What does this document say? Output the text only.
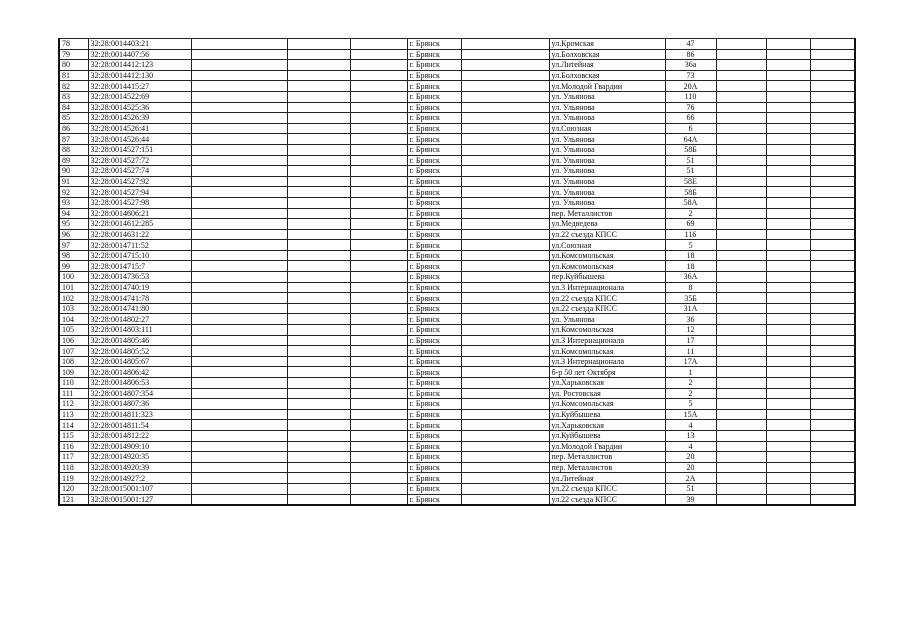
78	32:28:0014403:21				г. Брянск		ул.Кромская	47			
79	32:28:0014407:56				г. Брянск		ул.Болховская	86			
80	32:28:0014412:123				г. Брянск		ул.Литейная	36а			
81	32:28:0014412:130				г. Брянск		ул.Болховская	73			
82	32:28:0014415:27				г. Брянск		ул.Молодой Гвардии	20А			
83	32:28:0014522:69				г. Брянск		ул. Ульянова	110			
84	32:28:0014525:36				г. Брянск		ул. Ульянова	76			
85	32:28:0014526:39				г. Брянск		ул. Ульянова	66			
86	32:28:0014526:41				г. Брянск		ул.Союзная	6			
87	32:28:0014526:44				г. Брянск		ул. Ульянова	64А			
88	32:28:0014527:151				г. Брянск		ул. Ульянова	58Б			
89	32:28:0014527:72				г. Брянск		ул. Ульянова	51			
90	32:28:0014527:74				г. Брянск		ул. Ульянова	51			
91	32:28:0014527:92				г. Брянск		ул. Ульянова	58Е			
92	32:28:0014527:94				г. Брянск		ул. Ульянова	58Б			
93	32:28:0014527:98				г. Брянск		ул. Ульянова	58А			
94	32:28:0014606:21				г. Брянск		пер. Металлистов	2			
95	32:28:0014612:285				г. Брянск		ул.Медведева	69			
96	32:28:0014631:22				г. Брянск		ул.22 съезда КПСС	116			
97	32:28:0014711:52				г. Брянск		ул.Союзная	5			
98	32:28:0014715:10				г. Брянск		ул.Комсомольская	18			
99	32:28:0014715:7				г. Брянск		ул.Комсомольская	18			
100	32:28:0014736:53				г. Брянск		пер.Куйбышева	36А			
101	32:28:0014740:19				г. Брянск		ул.3 Интернационала	8			
102	32:28:0014741:78				г. Брянск		ул.22 съезда КПСС	35Б			
103	32:28:0014741:80				г. Брянск		ул.22 съезда КПСС	31А			
104	32:28:0014802:27				г. Брянск		ул. Ульянова	36			
105	32:28:0014803:111				г. Брянск		ул.Комсомольская	12			
106	32:28:0014805:46				г. Брянск		ул.3 Интернационала	17			
107	32:28:0014805:52				г. Брянск		ул.Комсомольская	11			
108	32:28:0014805:67				г. Брянск		ул.3 Интернационала	17А			
109	32:28:0014806:42				г. Брянск		б-р 50 лет Октября	1			
110	32:28:0014806:53				г. Брянск		ул.Харьковская	2			
111	32:28:0014807:354				г. Брянск		ул. Ростовская	2			
112	32:28:0014807:36				г. Брянск		ул.Комсомольская	5			
113	32:28:0014811:323				г. Брянск		ул.Куйбышева	15А			
114	32:28:0014811:54				г. Брянск		ул.Харьковская	4			
115	32:28:0014812:22				г. Брянск		ул.Куйбышева	13			
116	32:28:0014909:10				г. Брянск		ул.Молодой Гвардии	4			
117	32:28:0014920:35				г. Брянск		пер. Металлистов	20			
118	32:28:0014920:39				г. Брянск		пер. Металлистов	20			
119	32:28:0014927:2				г. Брянск		ул.Литейная	2А			
120	32:28:0015001:107				г. Брянск		ул.22 съезда КПСС	51			
121	32:28:0015001:127				г. Брянск		ул.22 съезда КПСС	39			
